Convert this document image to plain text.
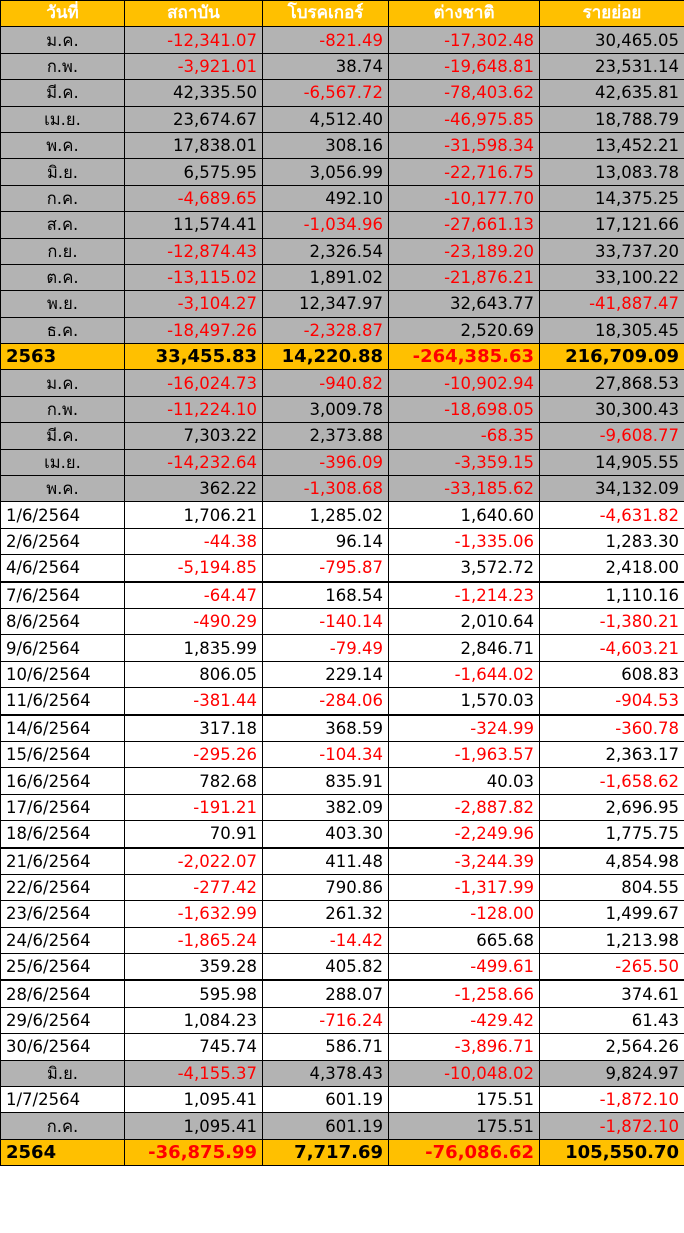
วันที่	สถาบัน	โบรคเกอร์	ต่างชาติ	รายย่อย
ม.ค.	-12,341.07	-821.49	-17,302.48	30,465.05
ก.พ.	-3,921.01	38.74	-19,648.81	23,531.14
มี.ค.	42,335.50	-6,567.72	-78,403.62	42,635.81
เม.ย.	23,674.67	4,512.40	-46,975.85	18,788.79
พ.ค.	17,838.01	308.16	-31,598.34	13,452.21
มิ.ย.	6,575.95	3,056.99	-22,716.75	13,083.78
ก.ค.	-4,689.65	492.10	-10,177.70	14,375.25
ส.ค.	11,574.41	-1,034.96	-27,661.13	17,121.66
ก.ย.	-12,874.43	2,326.54	-23,189.20	33,737.20
ต.ค.	-13,115.02	1,891.02	-21,876.21	33,100.22
พ.ย.	-3,104.27	12,347.97	32,643.77	-41,887.47
ธ.ค.	-18,497.26	-2,328.87	2,520.69	18,305.45
2563	33,455.83	14,220.88	-264,385.63	216,709.09
ม.ค.	-16,024.73	-940.82	-10,902.94	27,868.53
ก.พ.	-11,224.10	3,009.78	-18,698.05	30,300.43
มี.ค.	7,303.22	2,373.88	-68.35	-9,608.77
เม.ย.	-14,232.64	-396.09	-3,359.15	14,905.55
พ.ค.	362.22	-1,308.68	-33,185.62	34,132.09
1/6/2564	1,706.21	1,285.02	1,640.60	-4,631.82
2/6/2564	-44.38	96.14	-1,335.06	1,283.30
4/6/2564	-5,194.85	-795.87	3,572.72	2,418.00
7/6/2564	-64.47	168.54	-1,214.23	1,110.16
8/6/2564	-490.29	-140.14	2,010.64	-1,380.21
9/6/2564	1,835.99	-79.49	2,846.71	-4,603.21
10/6/2564	806.05	229.14	-1,644.02	608.83
11/6/2564	-381.44	-284.06	1,570.03	-904.53
14/6/2564	317.18	368.59	-324.99	-360.78
15/6/2564	-295.26	-104.34	-1,963.57	2,363.17
16/6/2564	782.68	835.91	40.03	-1,658.62
17/6/2564	-191.21	382.09	-2,887.82	2,696.95
18/6/2564	70.91	403.30	-2,249.96	1,775.75
21/6/2564	-2,022.07	411.48	-3,244.39	4,854.98
22/6/2564	-277.42	790.86	-1,317.99	804.55
23/6/2564	-1,632.99	261.32	-128.00	1,499.67
24/6/2564	-1,865.24	-14.42	665.68	1,213.98
25/6/2564	359.28	405.82	-499.61	-265.50
28/6/2564	595.98	288.07	-1,258.66	374.61
29/6/2564	1,084.23	-716.24	-429.42	61.43
30/6/2564	745.74	586.71	-3,896.71	2,564.26
มิ.ย.	-4,155.37	4,378.43	-10,048.02	9,824.97
1/7/2564	1,095.41	601.19	175.51	-1,872.10
ก.ค.	1,095.41	601.19	175.51	-1,872.10
2564	-36,875.99	7,717.69	-76,086.62	105,550.70
